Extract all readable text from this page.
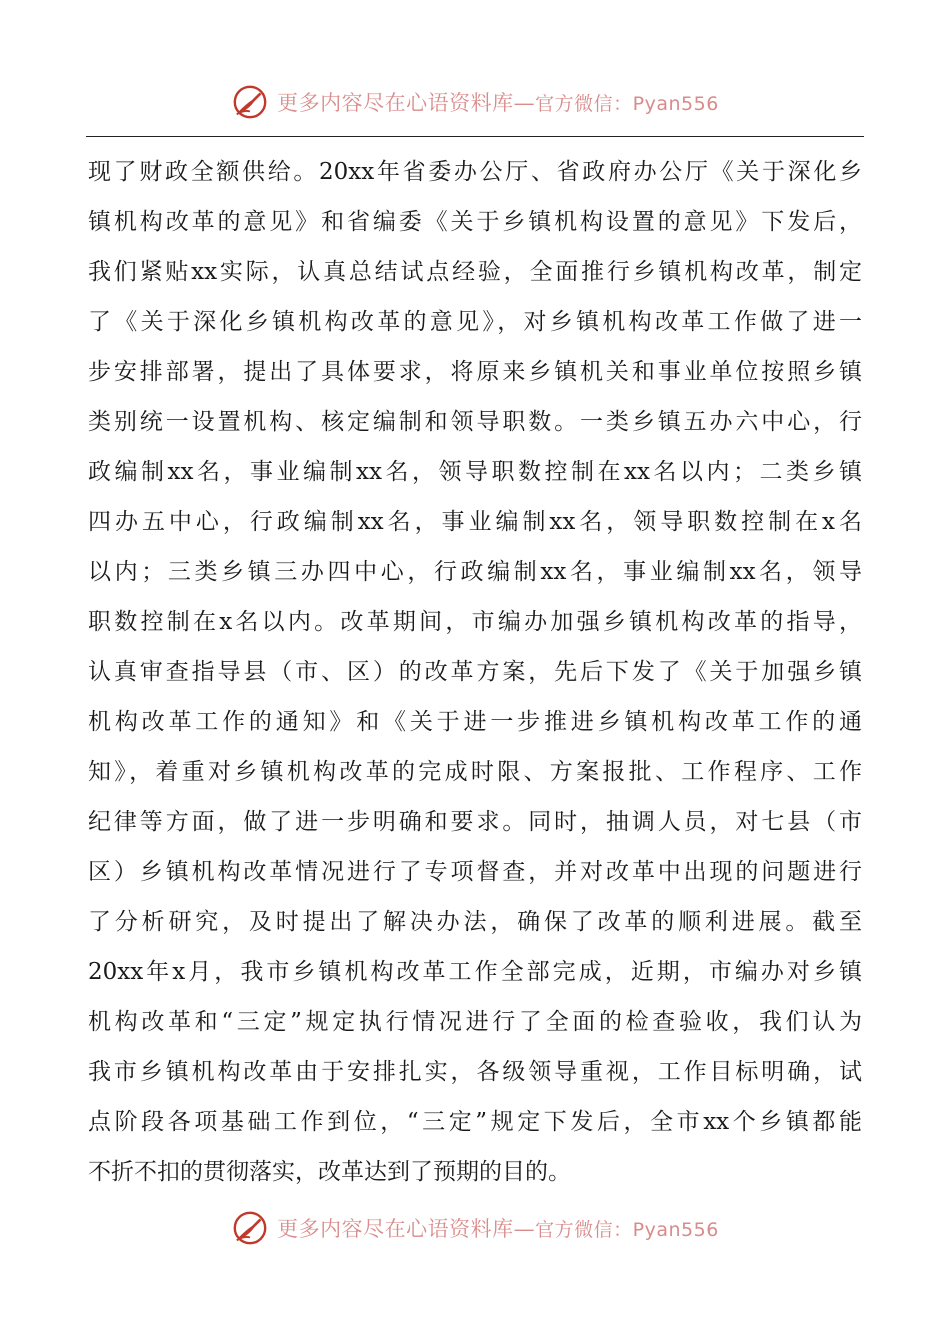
更多内容尽在心语资料库—官方微信：Pyan556
现了财政全额供给。20xx年省委办公厅、省政府办公厅《关于深化乡
镇机构改革的意见》和省编委《关于乡镇机构设置的意见》下发后，
我们紧贴xx实际，认真总结试点经验，全面推行乡镇机构改革，制定
了《关于深化乡镇机构改革的意见》，对乡镇机构改革工作做了进一
步安排部署，提出了具体要求，将原来乡镇机关和事业单位按照乡镇
类别统一设置机构、核定编制和领导职数。一类乡镇五办六中心，行
政编制xx名，事业编制xx名，领导职数控制在xx名以内；二类乡镇
四办五中心，行政编制xx名，事业编制xx名，领导职数控制在x名
以内；三类乡镇三办四中心，行政编制xx名，事业编制xx名，领导
职数控制在x名以内。改革期间，市编办加强乡镇机构改革的指导，
认真审查指导县（市、区）的改革方案，先后下发了《关于加强乡镇
机构改革工作的通知》和《关于进一步推进乡镇机构改革工作的通
知》，着重对乡镇机构改革的完成时限、方案报批、工作程序、工作
纪律等方面，做了进一步明确和要求。同时，抽调人员，对七县（市
区）乡镇机构改革情况进行了专项督查，并对改革中出现的问题进行
了分析研究，及时提出了解决办法，确保了改革的顺利进展。截至
20xx年x月，我市乡镇机构改革工作全部完成，近期，市编办对乡镇
机构改革和“三定”规定执行情况进行了全面的检查验收，我们认为
我市乡镇机构改革由于安排扎实，各级领导重视，工作目标明确，试
点阶段各项基础工作到位，“三定”规定下发后，全市xx个乡镇都能
不折不扣的贯彻落实，改革达到了预期的目的。
更多内容尽在心语资料库—官方微信：Pyan556
